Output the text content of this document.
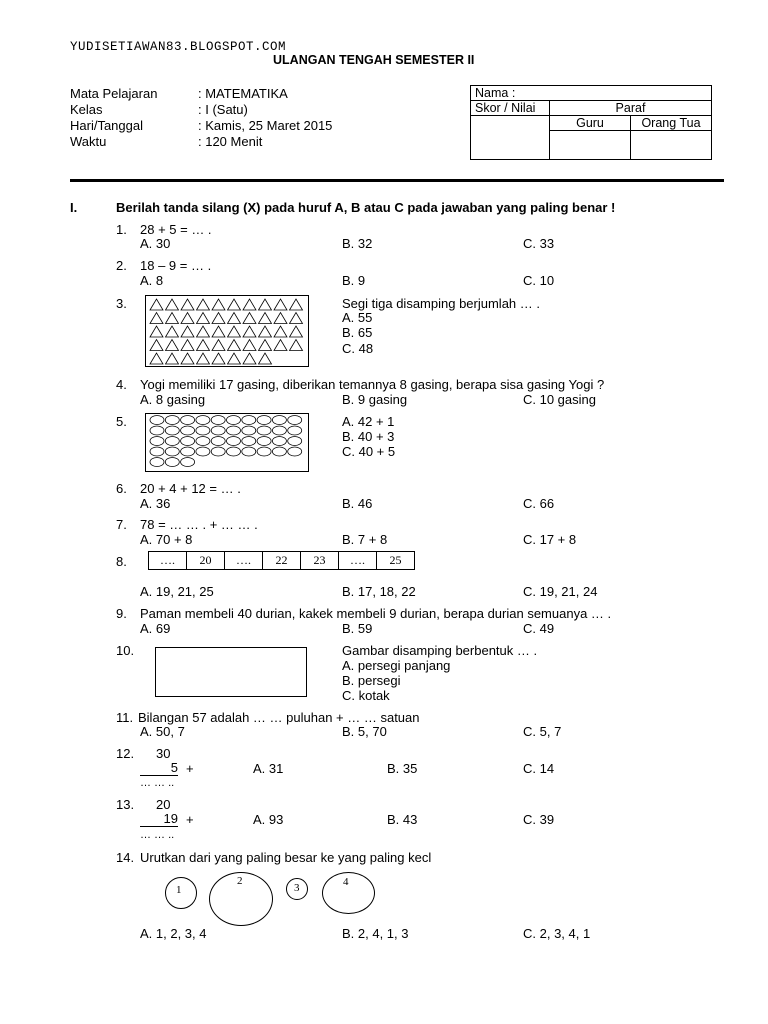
YUDISETIAWAN83.BLOGSPOT.COM
ULANGAN TENGAH SEMESTER II
Mata Pelajaran	: MATEMATIKA
Kelas	: I (Satu)
Hari/Tanggal	: Kamis, 25 Maret 2015
Waktu	: 120 Menit
Nama :		
Skor / Nilai	Paraf	
	Guru	Orang Tua

I.	Berilah tanda silang (X) pada huruf A, B atau C pada jawaban yang paling benar !
1. 28 + 5 = … .
A. 30	B. 32	C. 33
2. 18 – 9 = … .
A. 8	B. 9	C. 10
3.	Segi tiga disamping berjumlah … .
A. 55
B. 65
C. 48
4. Yogi memiliki 17 gasing, diberikan temannya 8 gasing, berapa sisa gasing Yogi ?
A. 8 gasing	B. 9 gasing	C. 10 gasing
5.	A. 42 + 1
B. 40 + 3
C. 40 + 5
6. 20 + 4 + 12 = … .
A. 36	B. 46	C. 66
7. 78 = … … . + … … .
A. 70 + 8	B. 7 + 8	C. 17 + 8
8.	….	20	….	22	23	….	25
A. 19, 21, 25	B. 17, 18, 22	C. 19, 21, 24
9. Paman membeli 40 durian, kakek membeli 9 durian, berapa durian semuanya … .
A. 69	B. 59	C. 49
10.	Gambar disamping berbentuk … .
A. persegi panjang
B. persegi
C. kotak
11. Bilangan 57 adalah … … puluhan + … … satuan
A. 50, 7	B. 5, 70	C. 5, 7
12. 30
5 +
… … ..
A. 31	B. 35	C. 14
13. 20
19 +
… … ..
A. 93	B. 43	C. 39
14. Urutkan dari yang paling besar ke yang paling kecl
1
2
3	4
A. 1, 2, 3, 4	B. 2, 4, 1, 3	C. 2, 3, 4, 1
